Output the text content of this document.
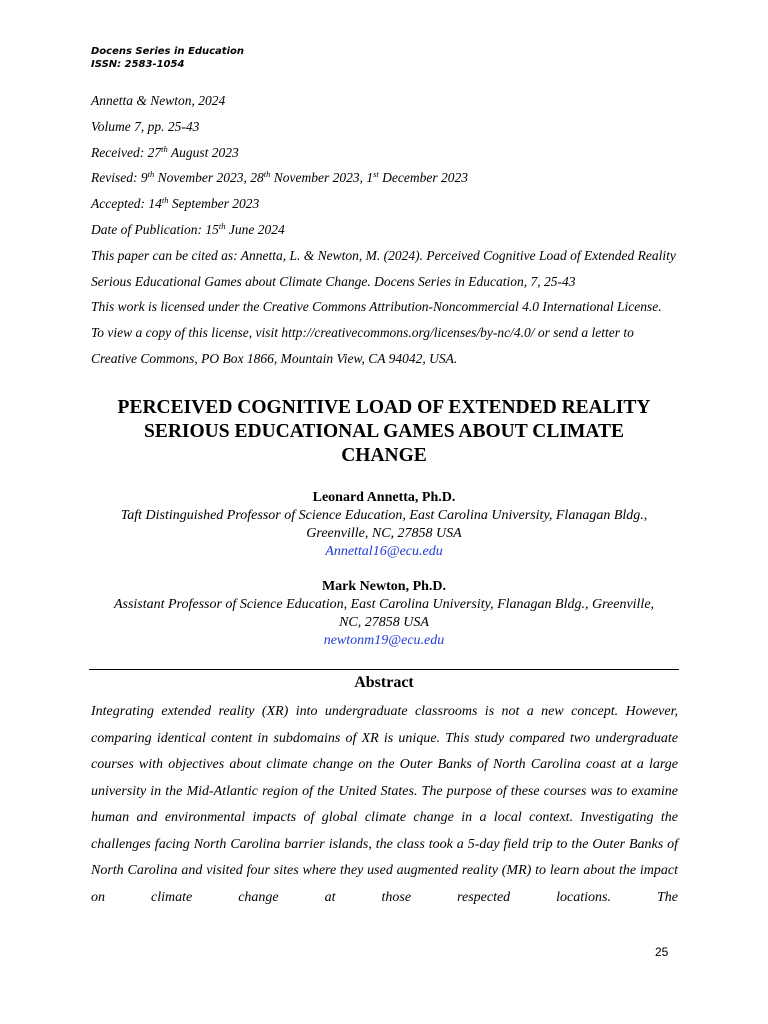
Docens Series in Education
ISSN: 2583-1054
Annetta & Newton, 2024
Volume 7, pp. 25-43
Received: 27th August 2023
Revised: 9th November 2023, 28th November 2023, 1st December 2023
Accepted: 14th September 2023
Date of Publication: 15th June 2024
This paper can be cited as: Annetta, L. & Newton, M. (2024). Perceived Cognitive Load of Extended Reality
Serious Educational Games about Climate Change. Docens Series in Education, 7, 25-43
This work is licensed under the Creative Commons Attribution-Noncommercial 4.0 International License.
To view a copy of this license, visit http://creativecommons.org/licenses/by-nc/4.0/ or send a letter to
Creative Commons, PO Box 1866, Mountain View, CA 94042, USA.
PERCEIVED COGNITIVE LOAD OF EXTENDED REALITY
SERIOUS EDUCATIONAL GAMES ABOUT CLIMATE
CHANGE
Leonard Annetta, Ph.D.
Taft Distinguished Professor of Science Education, East Carolina University, Flanagan Bldg.,
Greenville, NC, 27858 USA
Annettal16@ecu.edu
Mark Newton, Ph.D.
Assistant Professor of Science Education, East Carolina University, Flanagan Bldg., Greenville,
NC, 27858 USA
newtonm19@ecu.edu
Abstract
Integrating extended reality (XR) into undergraduate classrooms is not a new concept. However, comparing identical content in subdomains of XR is unique. This study compared two undergraduate courses with objectives about climate change on the Outer Banks of North Carolina coast at a large university in the Mid-Atlantic region of the United States. The purpose of these courses was to examine human and environmental impacts of global climate change in a local context. Investigating the challenges facing North Carolina barrier islands, the class took a 5-day field trip to the Outer Banks of North Carolina and visited four sites where they used augmented reality (MR) to learn about the impact on climate change at those respected locations. The
25
